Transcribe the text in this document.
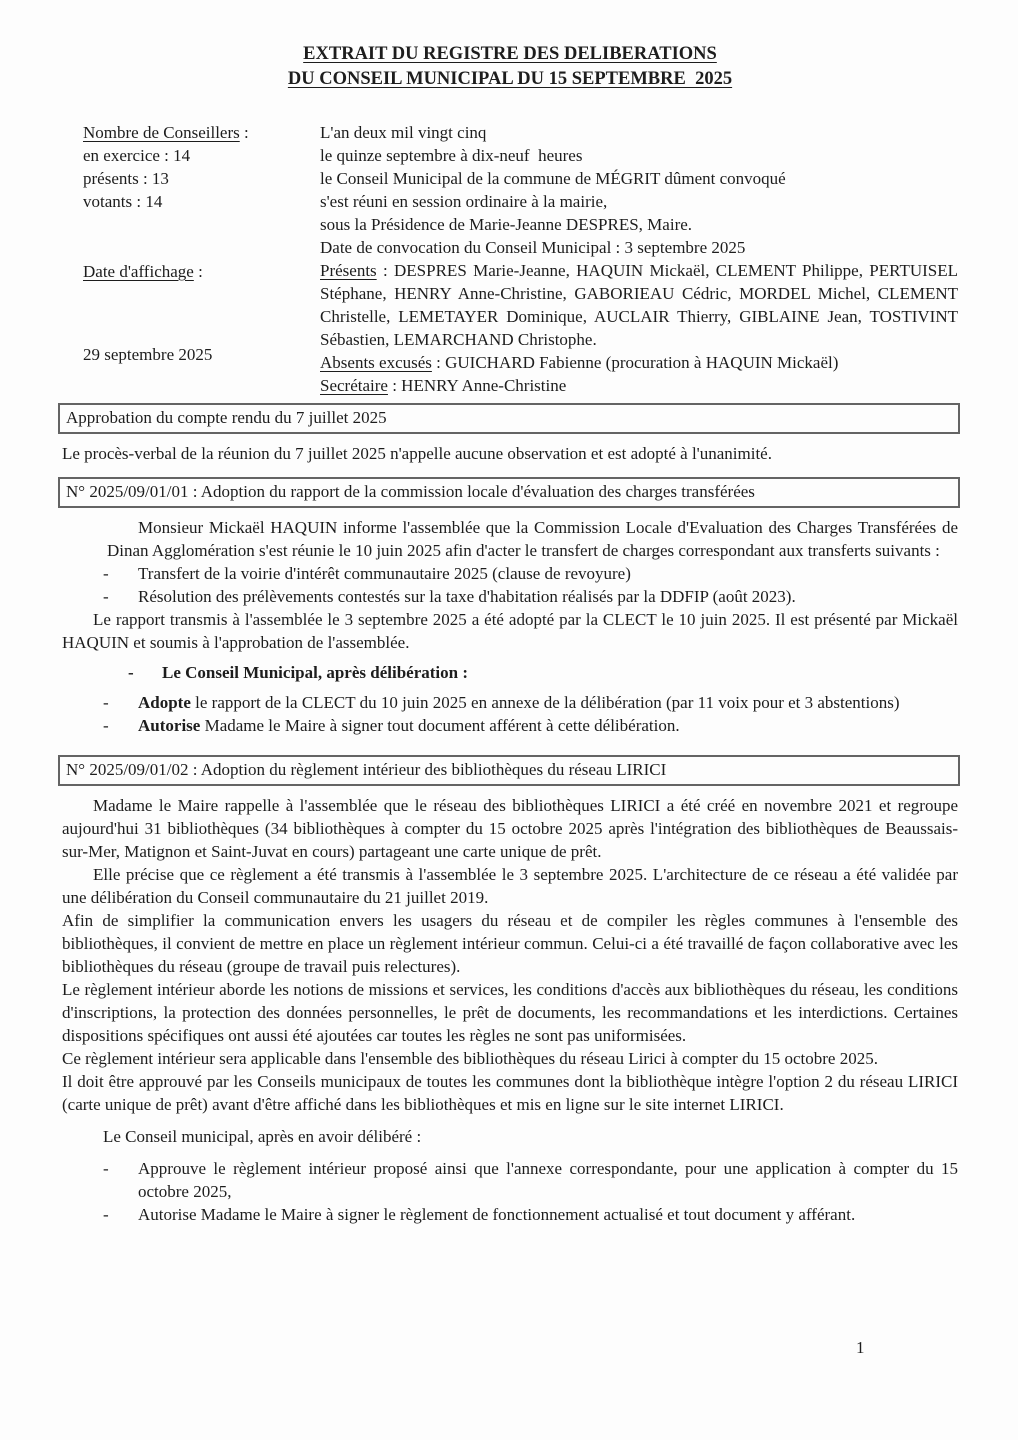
EXTRAIT DU REGISTRE DES DELIBERATIONS
DU CONSEIL MUNICIPAL DU 15 SEPTEMBRE  2025
Nombre de Conseillers :
en exercice : 14
présents : 13
votants : 14
Date d'affichage :
29 septembre 2025
L'an deux mil vingt cinq
le quinze septembre à dix-neuf  heures
le Conseil Municipal de la commune de MÉGRIT dûment convoqué
s'est réuni en session ordinaire à la mairie,
sous la Présidence de Marie-Jeanne DESPRES, Maire.
Date de convocation du Conseil Municipal : 3 septembre 2025
Présents : DESPRES Marie-Jeanne, HAQUIN Mickaël, CLEMENT Philippe, PERTUISEL Stéphane, HENRY Anne-Christine, GABORIEAU Cédric, MORDEL Michel, CLEMENT Christelle, LEMETAYER Dominique, AUCLAIR Thierry, GIBLAINE Jean, TOSTIVINT Sébastien, LEMARCHAND Christophe.
Absents excusés : GUICHARD Fabienne (procuration à HAQUIN Mickaël)
Secrétaire : HENRY Anne-Christine
Approbation du compte rendu du 7 juillet 2025
Le procès-verbal de la réunion du 7 juillet 2025 n'appelle aucune observation et est adopté à l'unanimité.
N° 2025/09/01/01 : Adoption du rapport de la commission locale d'évaluation des charges transférées
Monsieur Mickaël HAQUIN informe l'assemblée que la Commission Locale d'Evaluation des Charges Transférées de Dinan Agglomération s'est réunie le 10 juin 2025 afin d'acter le transfert de charges correspondant aux transferts suivants :
-	Transfert de la voirie d'intérêt communautaire 2025 (clause de revoyure)
-	Résolution des prélèvements contestés sur la taxe d'habitation réalisés par la DDFIP (août 2023).
Le rapport transmis à l'assemblée le 3 septembre 2025 a été adopté par la CLECT le 10 juin 2025. Il est présenté par Mickaël HAQUIN et soumis à l'approbation de l'assemblée.
-	Le Conseil Municipal, après délibération :
-	Adopte le rapport de la CLECT du 10 juin 2025 en annexe de la délibération (par 11 voix pour et 3 abstentions)
-	Autorise Madame le Maire à signer tout document afférent à cette délibération.
N° 2025/09/01/02 : Adoption du règlement intérieur des bibliothèques du réseau LIRICI
Madame le Maire rappelle à l'assemblée que le réseau des bibliothèques LIRICI a été créé en novembre 2021 et regroupe aujourd'hui 31 bibliothèques (34 bibliothèques à compter du 15 octobre 2025 après l'intégration des bibliothèques de Beaussais-sur-Mer, Matignon et Saint-Juvat en cours) partageant une carte unique de prêt.
Elle précise que ce règlement a été transmis à l'assemblée le 3 septembre 2025. L'architecture de ce réseau a été validée par une délibération du Conseil communautaire du 21 juillet 2019.
Afin de simplifier la communication envers les usagers du réseau et de compiler les règles communes à l'ensemble des bibliothèques, il convient de mettre en place un règlement intérieur commun. Celui-ci a été travaillé de façon collaborative avec les bibliothèques du réseau (groupe de travail puis relectures).
Le règlement intérieur aborde les notions de missions et services, les conditions d'accès aux bibliothèques du réseau, les conditions d'inscriptions, la protection des données personnelles, le prêt de documents, les recommandations et les interdictions. Certaines dispositions spécifiques ont aussi été ajoutées car toutes les règles ne sont pas uniformisées.
Ce règlement intérieur sera applicable dans l'ensemble des bibliothèques du réseau Lirici à compter du 15 octobre 2025.
Il doit être approuvé par les Conseils municipaux de toutes les communes dont la bibliothèque intègre l'option 2 du réseau LIRICI (carte unique de prêt) avant d'être affiché dans les bibliothèques et mis en ligne sur le site internet LIRICI.
Le Conseil municipal, après en avoir délibéré :
-	Approuve le règlement intérieur proposé ainsi que l'annexe correspondante, pour une application à compter du 15 octobre 2025,
-	Autorise Madame le Maire à signer le règlement de fonctionnement actualisé et tout document y afférant.
1
